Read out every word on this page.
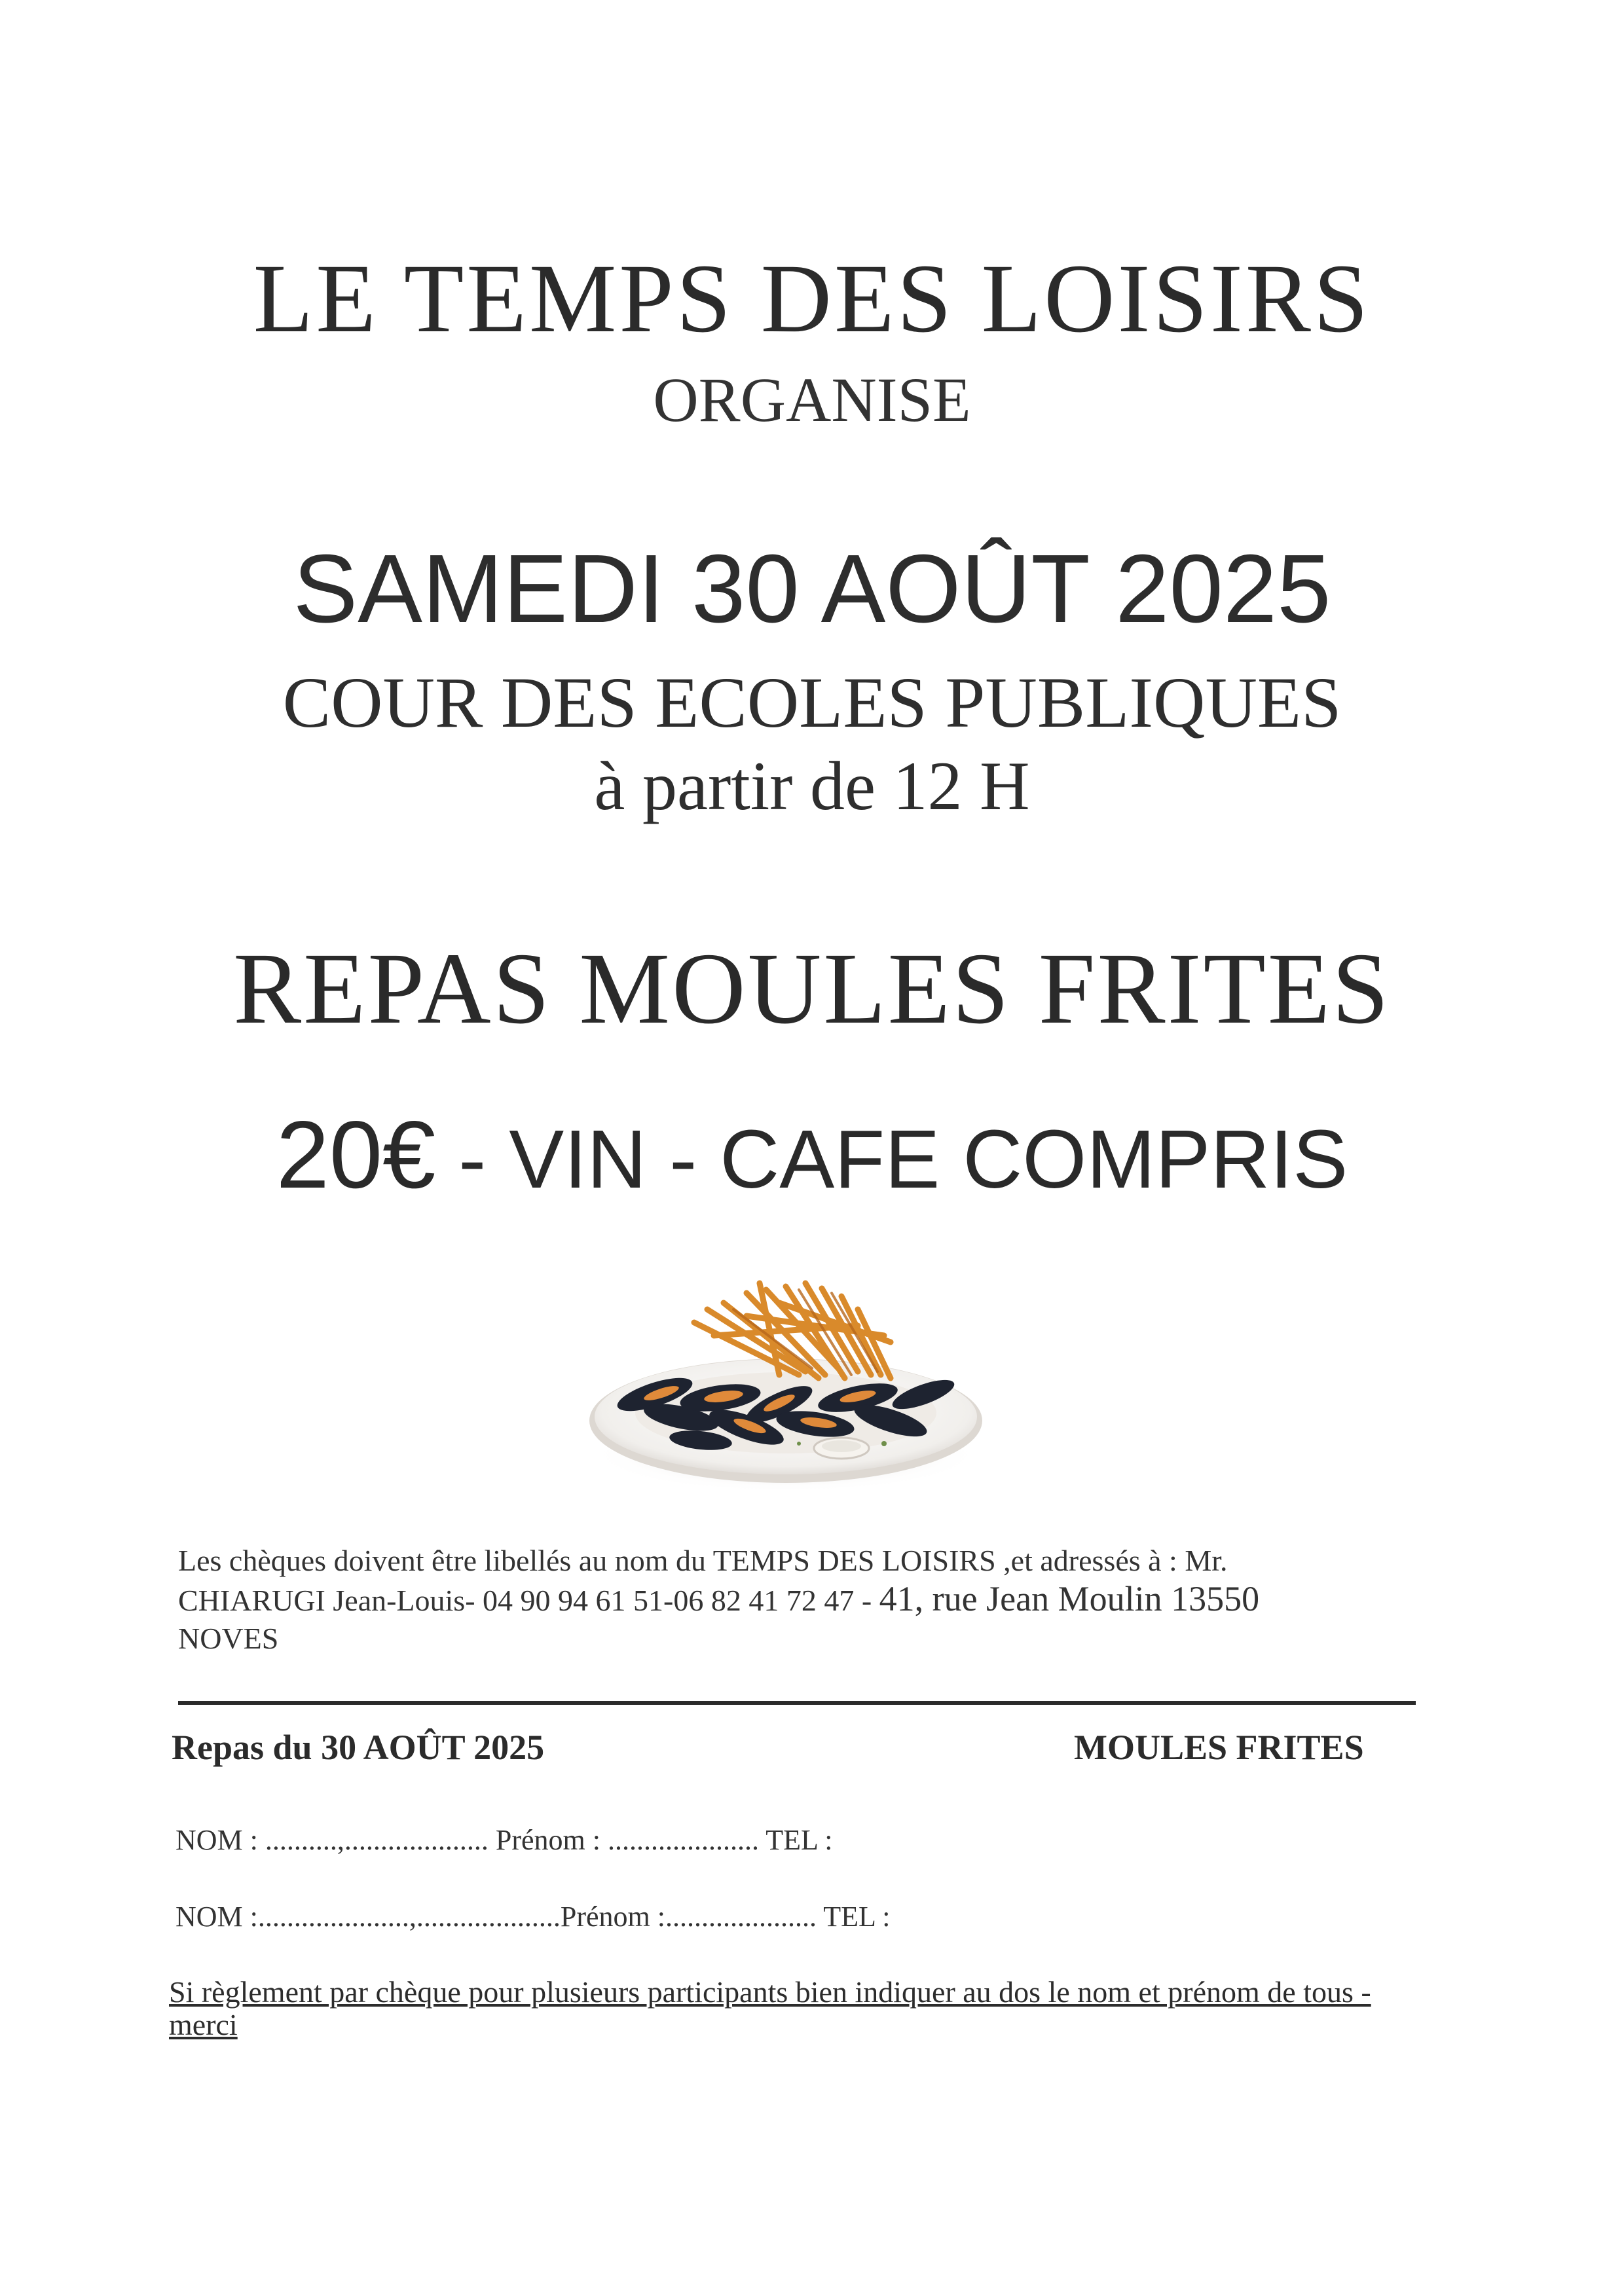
LE TEMPS DES LOISIRS
ORGANISE
SAMEDI 30 AOÛT 2025
COUR DES ECOLES PUBLIQUES
à partir de 12 H
REPAS MOULES FRITES
20€ - VIN - CAFE COMPRIS
Les chèques doivent être libellés au nom du TEMPS DES LOISIRS ,et adressés à : Mr.
CHIARUGI Jean-Louis- 04 90 94 61 51-06 82 41 72 47 - 41, rue Jean Moulin 13550
NOVES
Repas du 30 AOÛT 2025	MOULES FRITES
NOM : ..........,.................... Prénom : ..................... TEL :
NOM :.....................,....................Prénom :..................... TEL :
Si règlement par chèque pour plusieurs participants bien indiquer au dos le nom et prénom de tous - merci
